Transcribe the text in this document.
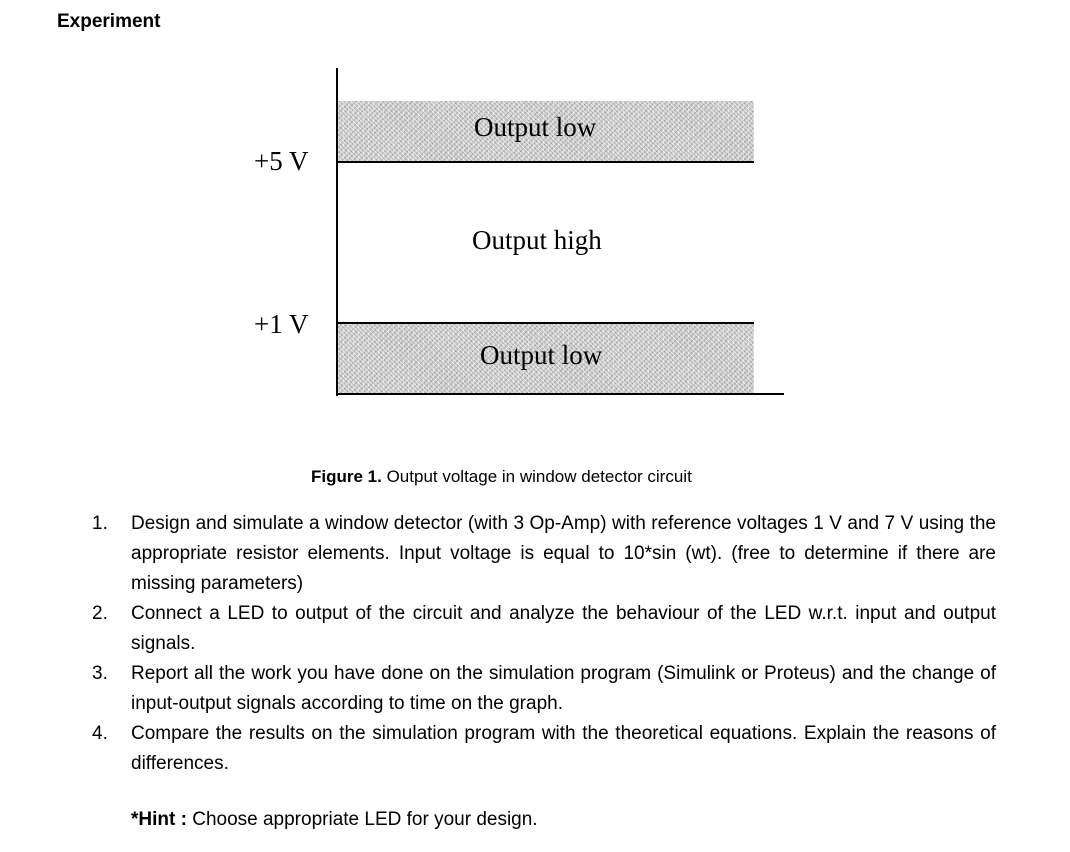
Experiment
+5 V
+1 V
Output low
Output high
Output low
Figure 1. Output voltage in window detector circuit
1. Design and simulate a window detector (with 3 Op-Amp) with reference voltages 1 V and 7 V using the appropriate resistor elements. Input voltage is equal to 10*sin (wt). (free to determine if there are missing parameters)
2. Connect a LED to output of the circuit and analyze the behaviour of the LED w.r.t. input and output signals.
3. Report all the work you have done on the simulation program (Simulink or Proteus) and the change of input-output signals according to time on the graph.
4. Compare the results on the simulation program with the theoretical equations. Explain the reasons of differences.
*Hint : Choose appropriate LED for your design.
